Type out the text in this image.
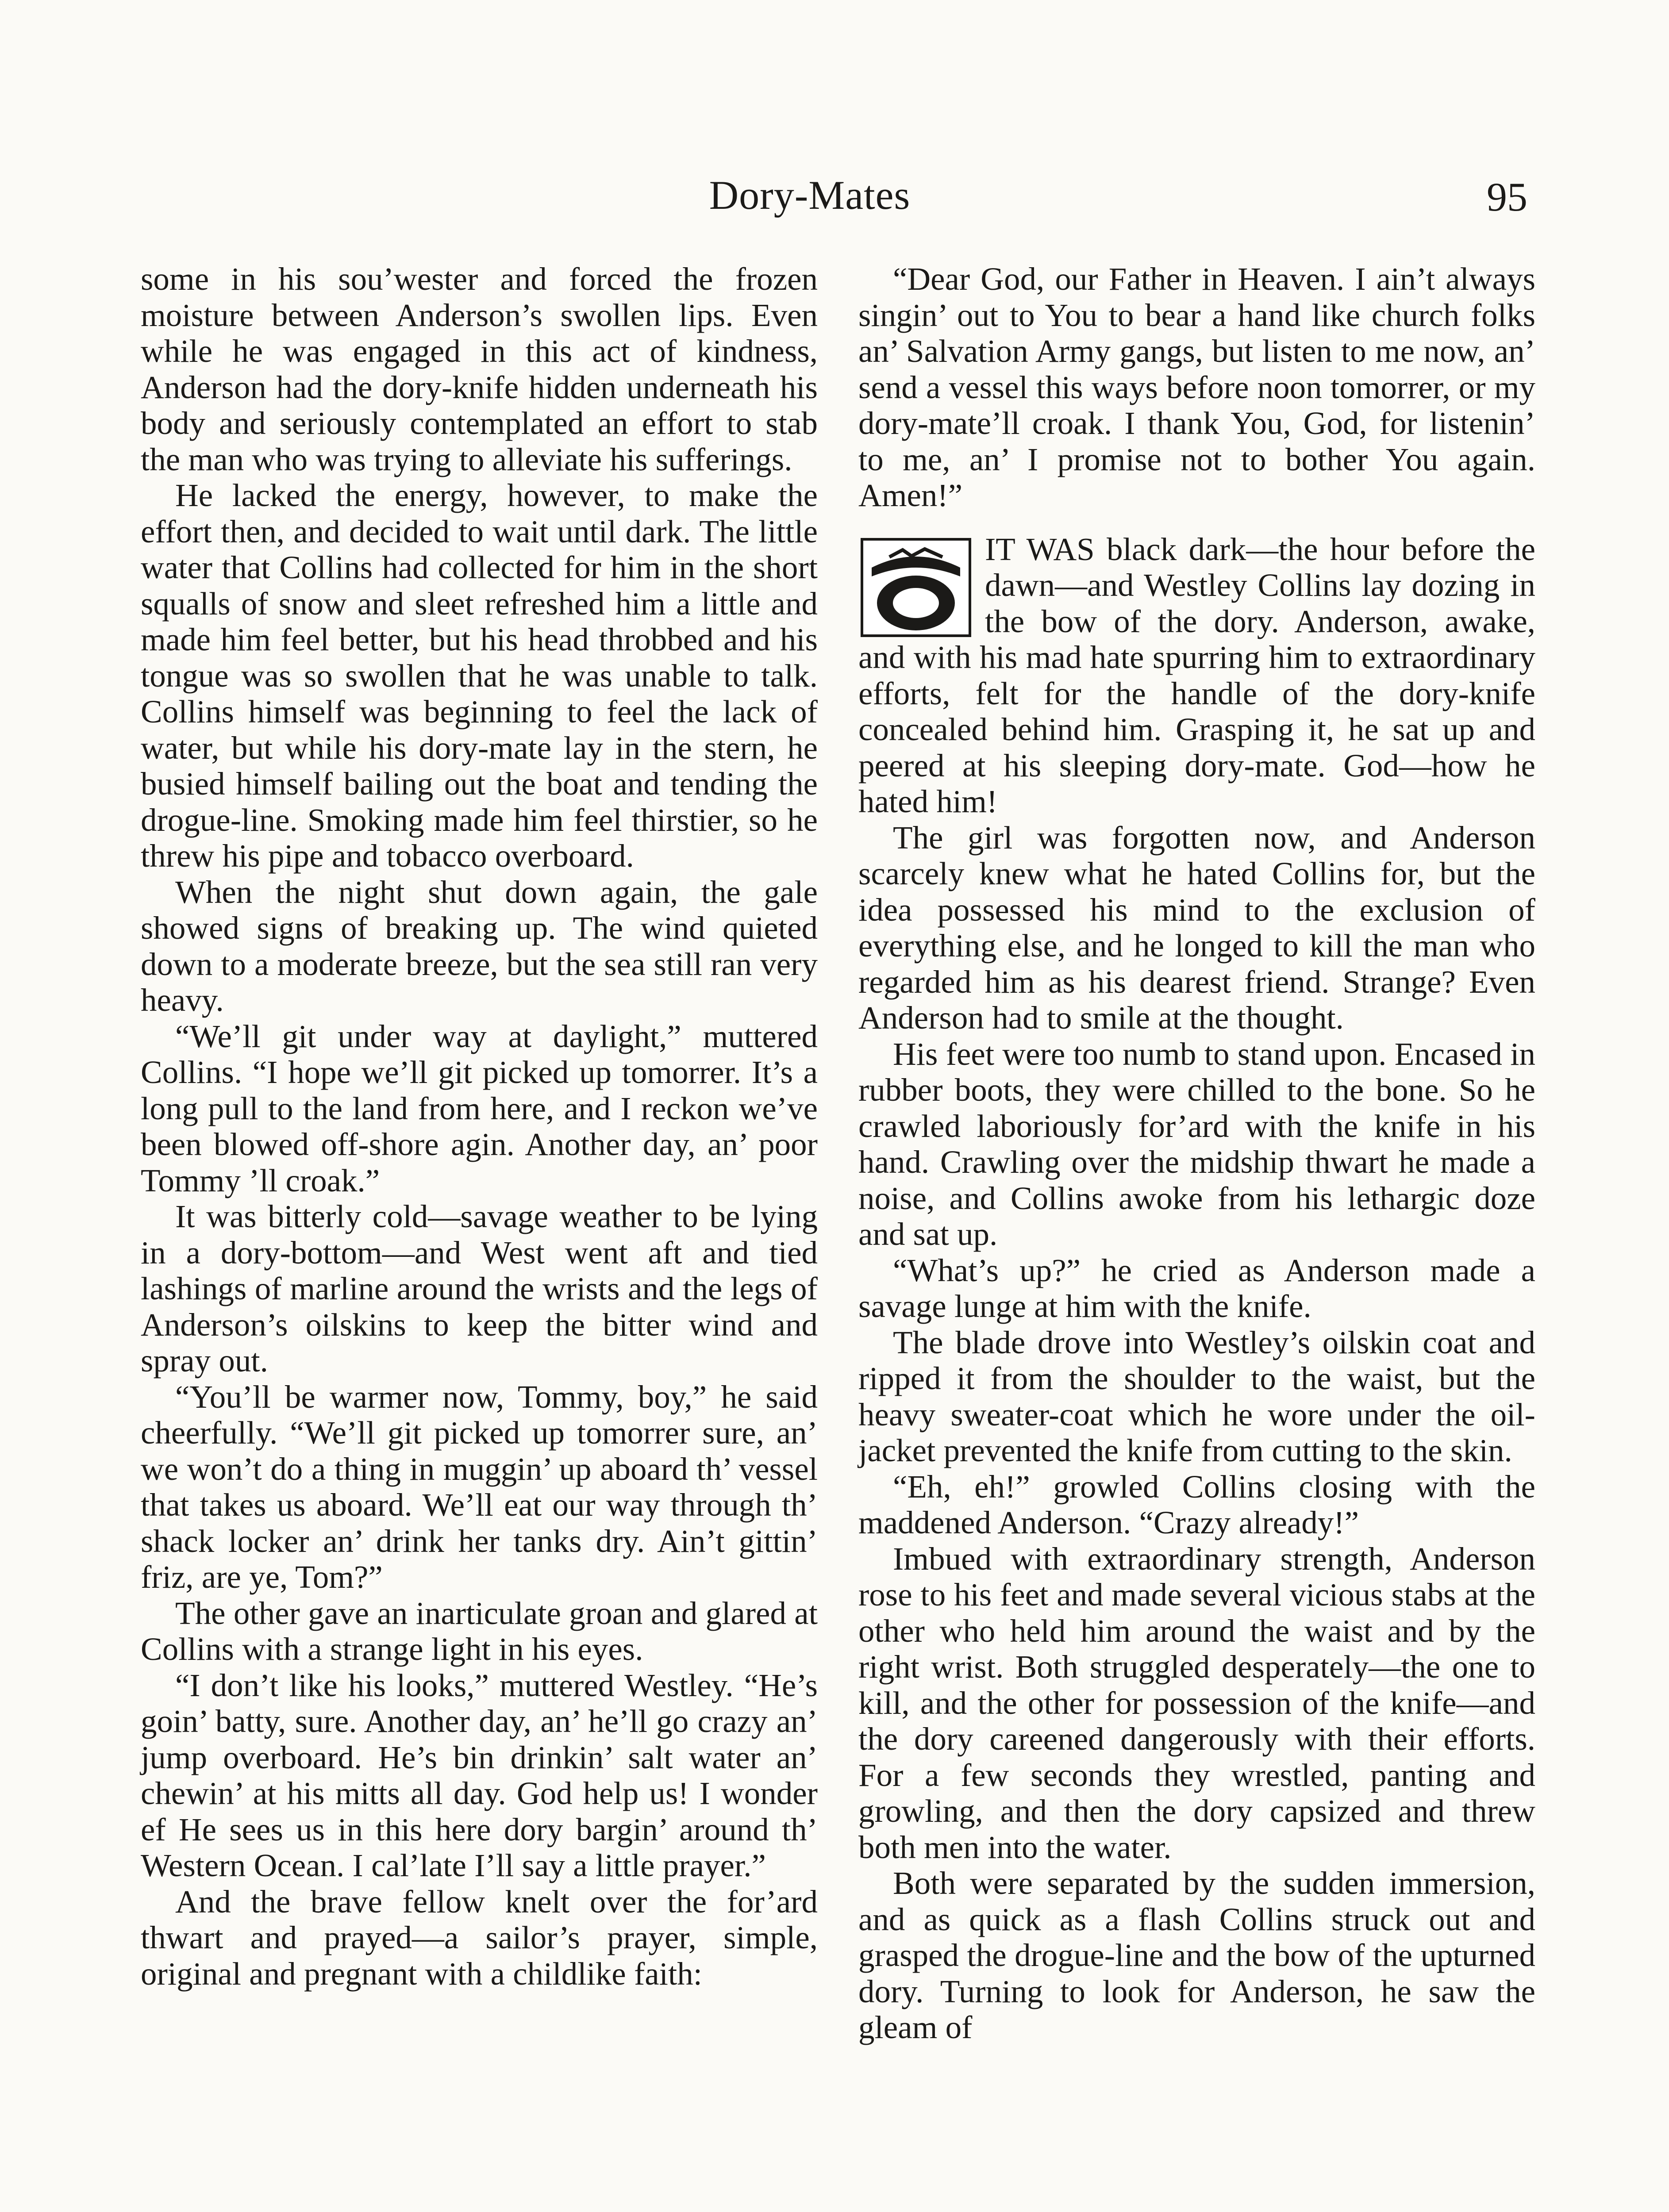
Dory-Mates	95

some in his sou’wester and forced the frozen moisture between Anderson’s swollen lips. Even while he was engaged in this act of kindness, Anderson had the dory-knife hidden underneath his body and seriously contemplated an effort to stab the man who was trying to alleviate his sufferings.

He lacked the energy, however, to make the effort then, and decided to wait until dark. The little water that Collins had collected for him in the short squalls of snow and sleet refreshed him a little and made him feel better, but his head throbbed and his tongue was so swollen that he was unable to talk. Collins himself was beginning to feel the lack of water, but while his dory-mate lay in the stern, he busied himself bailing out the boat and tending the drogue-line. Smoking made him feel thirstier, so he threw his pipe and tobacco overboard.

When the night shut down again, the gale showed signs of breaking up. The wind quieted down to a moderate breeze, but the sea still ran very heavy.

“We’ll git under way at daylight,” muttered Collins. “I hope we’ll git picked up tomorrer. It’s a long pull to the land from here, and I reckon we’ve been blowed off-shore agin. Another day, an’ poor Tommy ’ll croak.”

It was bitterly cold—savage weather to be lying in a dory-bottom—and West went aft and tied lashings of marline around the wrists and the legs of Anderson’s oilskins to keep the bitter wind and spray out.

“You’ll be warmer now, Tommy, boy,” he said cheerfully. “We’ll git picked up tomorrer sure, an’ we won’t do a thing in muggin’ up aboard th’ vessel that takes us aboard. We’ll eat our way through th’ shack locker an’ drink her tanks dry. Ain’t gittin’ friz, are ye, Tom?”

The other gave an inarticulate groan and glared at Collins with a strange light in his eyes.

“I don’t like his looks,” muttered Westley. “He’s goin’ batty, sure. Another day, an’ he’ll go crazy an’ jump overboard. He’s bin drinkin’ salt water an’ chewin’ at his mitts all day. God help us! I wonder ef He sees us in this here dory bargin’ around th’ Western Ocean. I cal’late I’ll say a little prayer.”

And the brave fellow knelt over the for’ard thwart and prayed—a sailor’s prayer, simple, original and pregnant with a childlike faith:

“Dear God, our Father in Heaven. I ain’t always singin’ out to You to bear a hand like church folks an’ Salvation Army gangs, but listen to me now, an’ send a vessel this ways before noon tomorrer, or my dory-mate’ll croak. I thank You, God, for listenin’ to me, an’ I promise not to bother You again. Amen!”

IT WAS black dark—the hour before the dawn—and Westley Collins lay dozing in the bow of the dory. Anderson, awake, and with his mad hate spurring him to extraordinary efforts, felt for the handle of the dory-knife concealed behind him. Grasping it, he sat up and peered at his sleeping dory-mate. God—how he hated him!

The girl was forgotten now, and Anderson scarcely knew what he hated Collins for, but the idea possessed his mind to the exclusion of everything else, and he longed to kill the man who regarded him as his dearest friend. Strange? Even Anderson had to smile at the thought.

His feet were too numb to stand upon. Encased in rubber boots, they were chilled to the bone. So he crawled laboriously for’ard with the knife in his hand. Crawling over the midship thwart he made a noise, and Collins awoke from his lethargic doze and sat up.

“What’s up?” he cried as Anderson made a savage lunge at him with the knife.

The blade drove into Westley’s oilskin coat and ripped it from the shoulder to the waist, but the heavy sweater-coat which he wore under the oil-jacket prevented the knife from cutting to the skin.

“Eh, eh!” growled Collins closing with the maddened Anderson. “Crazy already!”

Imbued with extraordinary strength, Anderson rose to his feet and made several vicious stabs at the other who held him around the waist and by the right wrist. Both struggled desperately—the one to kill, and the other for possession of the knife—and the dory careened dangerously with their efforts. For a few seconds they wrestled, panting and growling, and then the dory capsized and threw both men into the water.

Both were separated by the sudden immersion, and as quick as a flash Collins struck out and grasped the drogue-line and the bow of the upturned dory. Turning to look for Anderson, he saw the gleam of
